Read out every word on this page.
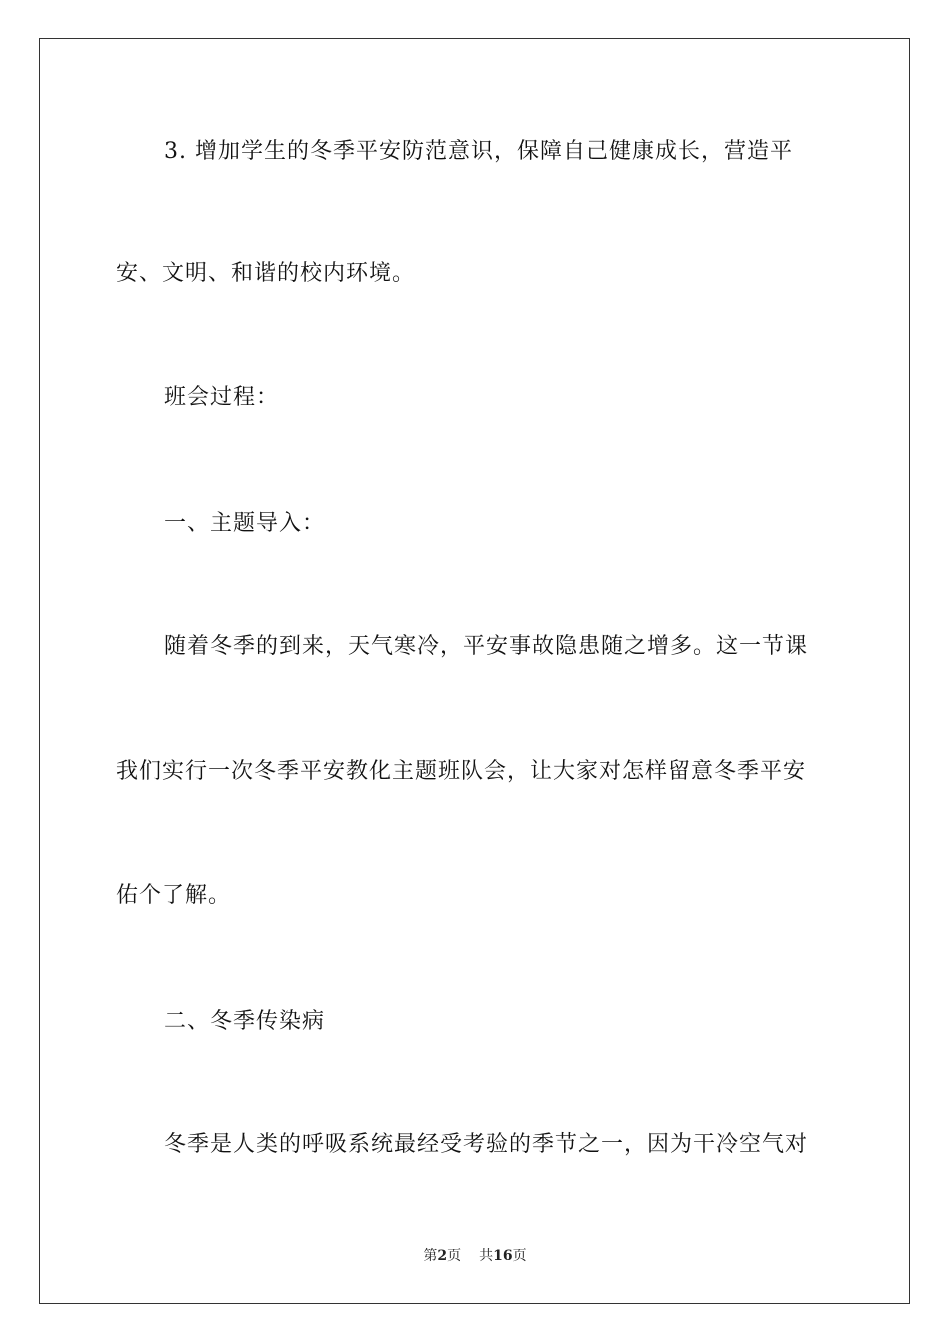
3. 增加学生的冬季平安防范意识，保障自己健康成长，营造平
安、文明、和谐的校内环境。
班会过程：
一、主题导入：
随着冬季的到来，天气寒冷，平安事故隐患随之增多。这一节课
我们实行一次冬季平安教化主题班队会，让大家对怎样留意冬季平安
佑个了解。
二、冬季传染病
冬季是人类的呼吸系统最经受考验的季节之一，因为干冷空气对
第2页 共16页
